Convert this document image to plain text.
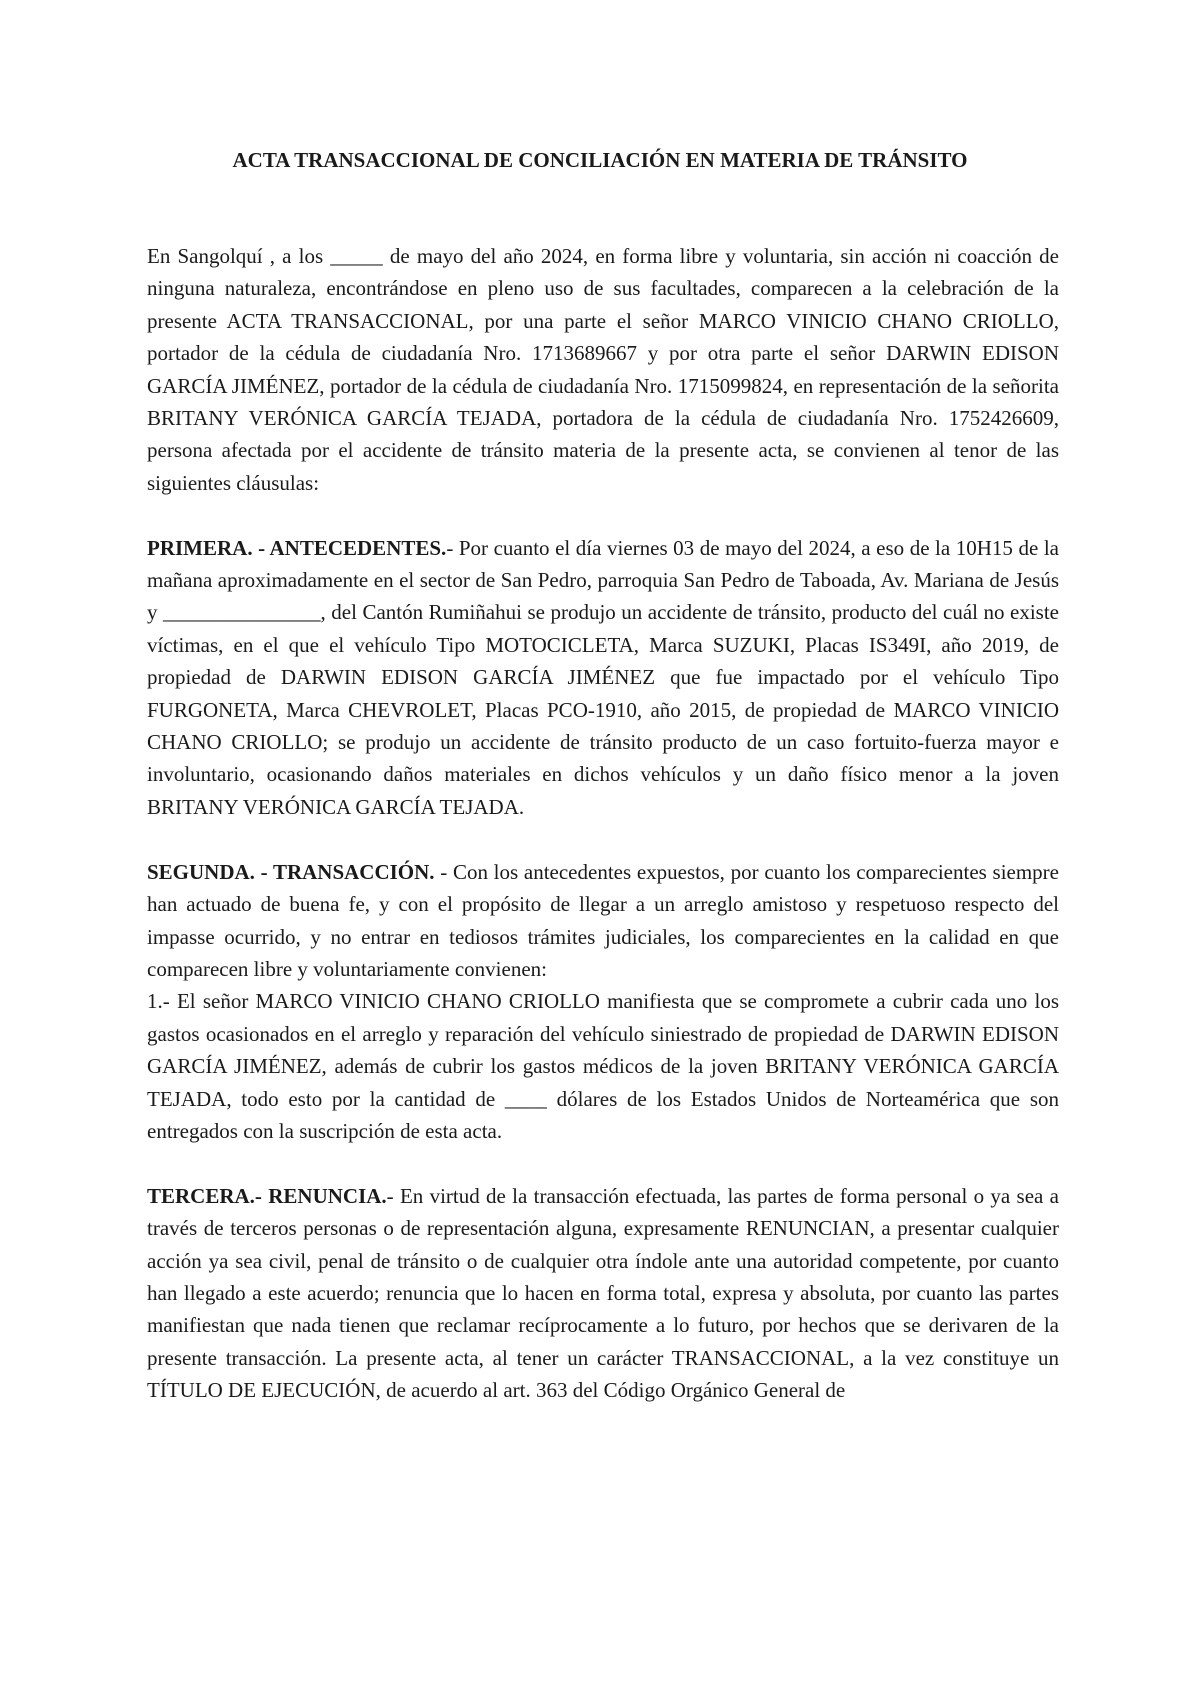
ACTA TRANSACCIONAL DE CONCILIACIÓN EN MATERIA DE TRÁNSITO

En Sangolquí , a los _____ de mayo del año 2024, en forma libre y voluntaria, sin acción ni coacción de ninguna naturaleza, encontrándose en pleno uso de sus facultades, comparecen a la celebración de la presente ACTA TRANSACCIONAL, por una parte el señor MARCO VINICIO CHANO CRIOLLO, portador de la cédula de ciudadanía Nro. 1713689667 y por otra parte el señor DARWIN EDISON GARCÍA JIMÉNEZ, portador de la cédula de ciudadanía Nro. 1715099824, en representación de la señorita BRITANY VERÓNICA GARCÍA TEJADA, portadora de la cédula de ciudadanía Nro. 1752426609, persona afectada por el accidente de tránsito materia de la presente acta, se convienen al tenor de las siguientes cláusulas:

PRIMERA. - ANTECEDENTES.- Por cuanto el día viernes 03 de mayo del 2024, a eso de la 10H15 de la mañana aproximadamente en el sector de San Pedro, parroquia San Pedro de Taboada, Av. Mariana de Jesús y _______________, del Cantón Rumiñahui se produjo un accidente de tránsito, producto del cuál no existe víctimas, en el que el vehículo Tipo MOTOCICLETA, Marca SUZUKI, Placas IS349I, año 2019, de propiedad de DARWIN EDISON GARCÍA JIMÉNEZ que fue impactado por el vehículo Tipo FURGONETA, Marca CHEVROLET, Placas PCO-1910, año 2015, de propiedad de MARCO VINICIO CHANO CRIOLLO; se produjo un accidente de tránsito producto de un caso fortuito-fuerza mayor e involuntario, ocasionando daños materiales en dichos vehículos y un daño físico menor a la joven BRITANY VERÓNICA GARCÍA TEJADA.

SEGUNDA. - TRANSACCIÓN. - Con los antecedentes expuestos, por cuanto los comparecientes siempre han actuado de buena fe, y con el propósito de llegar a un arreglo amistoso y respetuoso respecto del impasse ocurrido, y no entrar en tediosos trámites judiciales, los comparecientes en la calidad en que comparecen libre y voluntariamente convienen:

1.- El señor MARCO VINICIO CHANO CRIOLLO manifiesta que se compromete a cubrir cada uno los gastos ocasionados en el arreglo y reparación del vehículo siniestrado de propiedad de DARWIN EDISON GARCÍA JIMÉNEZ, además de cubrir los gastos médicos de la joven BRITANY VERÓNICA GARCÍA TEJADA, todo esto por la cantidad de ____ dólares de los Estados Unidos de Norteamérica que son entregados con la suscripción de esta acta.

TERCERA.- RENUNCIA.- En virtud de la transacción efectuada, las partes de forma personal o ya sea a través de terceros personas o de representación alguna, expresamente RENUNCIAN, a presentar cualquier acción ya sea civil, penal de tránsito o de cualquier otra índole ante una autoridad competente, por cuanto han llegado a este acuerdo; renuncia que lo hacen en forma total, expresa y absoluta, por cuanto las partes manifiestan que nada tienen que reclamar recíprocamente a lo futuro, por hechos que se derivaren de la presente transacción. La presente acta, al tener un carácter TRANSACCIONAL, a la vez constituye un TÍTULO DE EJECUCIÓN, de acuerdo al art. 363 del Código Orgánico General de
